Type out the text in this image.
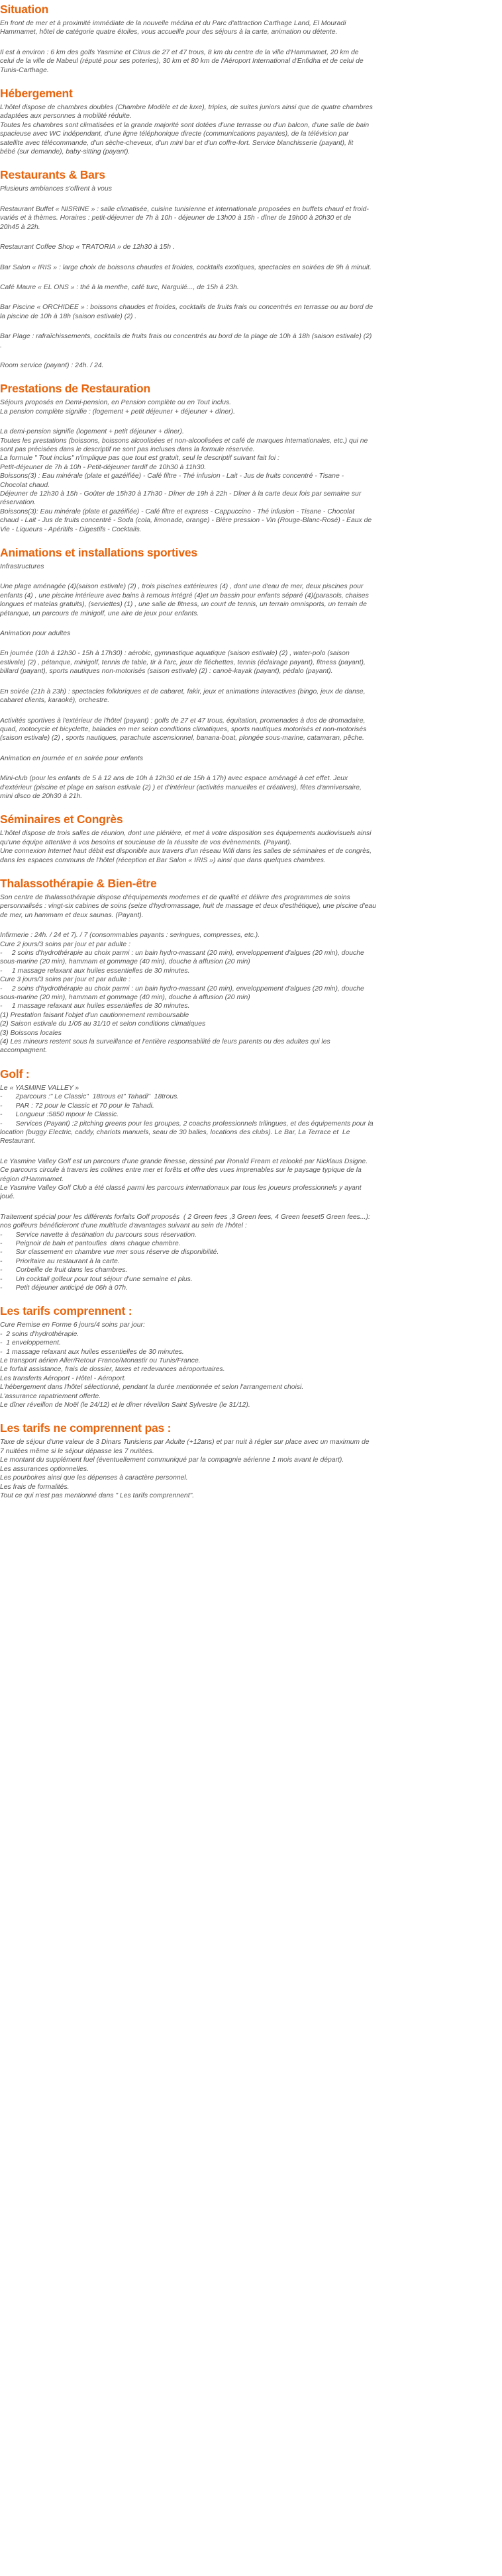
Situation

En front de mer et à proximité immédiate de la nouvelle médina et du Parc d'attraction Carthage Land, El Mouradi

Hammamet, hôtel de catégorie quatre étoiles, vous accueille pour des séjours à la carte, animation ou détente.

Il est à environ : 6 km des golfs Yasmine et Citrus de 27 et 47 trous, 8 km du centre de la ville d'Hammamet, 20 km de

celui de la ville de Nabeul (réputé pour ses poteries), 30 km et 80 km de l'Aéroport International d'Enfidha et de celui de

Tunis-Carthage.

Hébergement

L'hôtel dispose de chambres doubles (Chambre Modèle et de luxe), triples, de suites juniors ainsi que de quatre chambres

adaptées aux personnes à mobilité réduite.

Toutes les chambres sont climatisées et la grande majorité sont dotées d'une terrasse ou d'un balcon, d'une salle de bain

spacieuse avec WC indépendant, d'une ligne téléphonique directe (communications payantes), de la télévision par

satellite avec télécommande, d'un sèche-cheveux, d'un mini bar et d'un coffre-fort. Service blanchisserie (payant), lit

bébé (sur demande), baby-sitting (payant).

Restaurants & Bars

Plusieurs ambiances s'offrent à vous

Restaurant Buffet « NISRINE » : salle climatisée, cuisine tunisienne et internationale proposées en buffets chaud et froid-

variés et à thèmes. Horaires : petit-déjeuner de 7h à 10h - déjeuner de 13h00 à 15h - dîner de 19h00 à 20h30 et de

20h45 à 22h.

Restaurant Coffee Shop « TRATORIA » de 12h30 à 15h .

Bar Salon « IRIS » : large choix de boissons chaudes et froides, cocktails exotiques, spectacles en soirées de 9h à minuit.

Café Maure « EL ONS » : thé à la menthe, café turc, Narguilé..., de 15h à 23h.

Bar Piscine « ORCHIDEE » : boissons chaudes et froides, cocktails de fruits frais ou concentrés en terrasse ou au bord de

la piscine de 10h à 18h (saison estivale) (2) .

Bar Plage : rafraîchissements, cocktails de fruits frais ou concentrés au bord de la plage de 10h à 18h (saison estivale) (2)

.

Room service (payant) : 24h. / 24.

Prestations de Restauration

Séjours proposés en Demi-pension, en Pension complète ou en Tout inclus.

La pension complète signifie : (logement + petit déjeuner + déjeuner + dîner).

La demi-pension signifie (logement + petit déjeuner + dîner).

Toutes les prestations (boissons, boissons alcoolisées et non-alcoolisées et café de marques internationales, etc.) qui ne

sont pas précisées dans le descriptif ne sont pas incluses dans la formule réservée.

La formule " Tout inclus" n'implique pas que tout est gratuit, seul le descriptif suivant fait foi :

Petit-déjeuner de 7h à 10h - Petit-déjeuner tardif de 10h30 à 11h30.

Boissons(3) : Eau minérale (plate et gazéifiée) - Café filtre - Thé infusion - Lait - Jus de fruits concentré - Tisane -

Chocolat chaud.

Déjeuner de 12h30 à 15h - Goûter de 15h30 à 17h30 - Dîner de 19h à 22h - Dîner à la carte deux fois par semaine sur

réservation.

Boissons(3): Eau minérale (plate et gazéifiée) - Café filtre et express - Cappuccino - Thé infusion - Tisane - Chocolat

chaud - Lait - Jus de fruits concentré - Soda (cola, limonade, orange) - Bière pression - Vin (Rouge-Blanc-Rosé) - Eaux de

Vie - Liqueurs - Apéritifs - Digestifs - Cocktails.

Animations et installations sportives

Infrastructures

Une plage aménagée (4)(saison estivale) (2) , trois piscines extérieures (4) , dont une d'eau de mer, deux piscines pour

enfants (4) , une piscine intérieure avec bains à remous intégré (4)et un bassin pour enfants séparé (4)(parasols, chaises

longues et matelas gratuits), (serviettes) (1) , une salle de fitness, un court de tennis, un terrain omnisports, un terrain de

pétanque, un parcours de minigolf, une aire de jeux pour enfants.

Animation pour adultes

En journée (10h à 12h30 - 15h à 17h30) : aérobic, gymnastique aquatique (saison estivale) (2) , water-polo (saison

estivale) (2) , pétanque, minigolf, tennis de table, tir à l'arc, jeux de fléchettes, tennis (éclairage payant), fitness (payant),

billard (payant), sports nautiques non-motorisés (saison estivale) (2) : canoë-kayak (payant), pédalo (payant).

En soirée (21h à 23h) : spectacles folkloriques et de cabaret, fakir, jeux et animations interactives (bingo, jeux de danse,

cabaret clients, karaoké), orchestre.

Activités sportives à l'extérieur de l'hôtel (payant) : golfs de 27 et 47 trous, équitation, promenades à dos de dromadaire,

quad, motocycle et bicyclette, balades en mer selon conditions climatiques, sports nautiques motorisés et non-motorisés

(saison estivale) (2) , sports nautiques, parachute ascensionnel, banana-boat, plongée sous-marine, catamaran, pêche.

Animation en journée et en soirée pour enfants

Mini-club (pour les enfants de 5 à 12 ans de 10h à 12h30 et de 15h à 17h) avec espace aménagé à cet effet. Jeux

d'extérieur (piscine et plage en saison estivale (2) ) et d'intérieur (activités manuelles et créatives), fêtes d'anniversaire,

mini disco de 20h30 à 21h.

Séminaires et Congrès

L'hôtel dispose de trois salles de réunion, dont une plénière, et met à votre disposition ses équipements audiovisuels ainsi

qu'une équipe attentive à vos besoins et soucieuse de la réussite de vos évènements. (Payant).

Une connexion Internet haut débit est disponible aux travers d'un réseau Wifi dans les salles de séminaires et de congrès,

dans les espaces communs de l'hôtel (réception et Bar Salon « IRIS ») ainsi que dans quelques chambres.

Thalassothérapie & Bien-être

Son centre de thalassothérapie dispose d'équipements modernes et de qualité et délivre des programmes de soins

personnalisés : vingt-six cabines de soins (seize d'hydromassage, huit de massage et deux d'esthétique), une piscine d'eau

de mer, un hammam et deux saunas. (Payant).

Infirmerie : 24h. / 24 et 7j. / 7 (consommables payants : seringues, compresses, etc.).

Cure 2 jours/3 soins par jour et par adulte :

-     2 soins d'hydrothérapie au choix parmi : un bain hydro-massant (20 min), enveloppement d'algues (20 min), douche

sous-marine (20 min), hammam et gommage (40 min), douche à affusion (20 min)

-     1 massage relaxant aux huiles essentielles de 30 minutes.

Cure 3 jours/3 soins par jour et par adulte :

-     2 soins d'hydrothérapie au choix parmi : un bain hydro-massant (20 min), enveloppement d'algues (20 min), douche

sous-marine (20 min), hammam et gommage (40 min), douche à affusion (20 min)

-     1 massage relaxant aux huiles essentielles de 30 minutes.

(1) Prestation faisant l'objet d'un cautionnement remboursable

(2) Saison estivale du 1/05 au 31/10 et selon conditions climatiques

(3) Boissons locales

(4) Les mineurs restent sous la surveillance et l'entière responsabilité de leurs parents ou des adultes qui les

accompagnent.

Golf :

Le « YASMINE VALLEY »

-       2parcours :" Le Classic"  18trous et" Tahadi"  18trous.

-       PAR : 72 pour le Classic et 70 pour le Tahadi.

-       Longueur :5850 mpour le Classic.

-       Services (Payant) :2 pitching greens pour les groupes, 2 coachs professionnels trilingues, et des équipements pour la

location (buggy Electric, caddy, chariots manuels, seau de 30 balles, locations des clubs). Le Bar, La Terrace et  Le

Restaurant.

Le Yasmine Valley Golf est un parcours d'une grande finesse, dessiné par Ronald Fream et relooké par Nicklaus Dsigne.

Ce parcours circule à travers les collines entre mer et forêts et offre des vues imprenables sur le paysage typique de la

région d'Hammamet.

Le Yasmine Valley Golf Club a été classé parmi les parcours internationaux par tous les joueurs professionnels y ayant

joué.

Traitement spécial pour les différents forfaits Golf proposés  ( 2 Green fees ,3 Green fees, 4 Green feeset5 Green fees...):

nos golfeurs bénéficieront d'une multitude d'avantages suivant au sein de l'hôtel :

-       Service navette à destination du parcours sous réservation.

-       Peignoir de bain et pantoufles  dans chaque chambre.

-       Sur classement en chambre vue mer sous réserve de disponibilité.

-       Prioritaire au restaurant à la carte.

-       Corbeille de fruit dans les chambres.

-       Un cocktail golfeur pour tout séjour d'une semaine et plus.

-       Petit déjeuner anticipé de 06h à 07h.

Les tarifs comprennent :

Cure Remise en Forme 6 jours/4 soins par jour:

-  2 soins d'hydrothérapie.

-  1 enveloppement.

-  1 massage relaxant aux huiles essentielles de 30 minutes.

Le transport aérien Aller/Retour France/Monastir ou Tunis/France.

Le forfait assistance, frais de dossier, taxes et redevances aéroportuaires.

Les transferts Aéroport - Hôtel - Aéroport.

L'hébergement dans l'hôtel sélectionné, pendant la durée mentionnée et selon l'arrangement choisi.

L'assurance rapatriement offerte.

Le dîner réveillon de Noël (le 24/12) et le dîner réveillon Saint Sylvestre (le 31/12).

Les tarifs ne comprennent pas :

Taxe de séjour d'une valeur de 3 Dinars Tunisiens par Adulte (+12ans) et par nuit à régler sur place avec un maximum de

7 nuitées même si le séjour dépasse les 7 nuitées.

Le montant du supplément fuel (éventuellement communiqué par la compagnie aérienne 1 mois avant le départ).

Les assurances optionnelles.

Les pourboires ainsi que les dépenses à caractère personnel.

Les frais de formalités.

Tout ce qui n'est pas mentionné dans " Les tarifs comprennent".
